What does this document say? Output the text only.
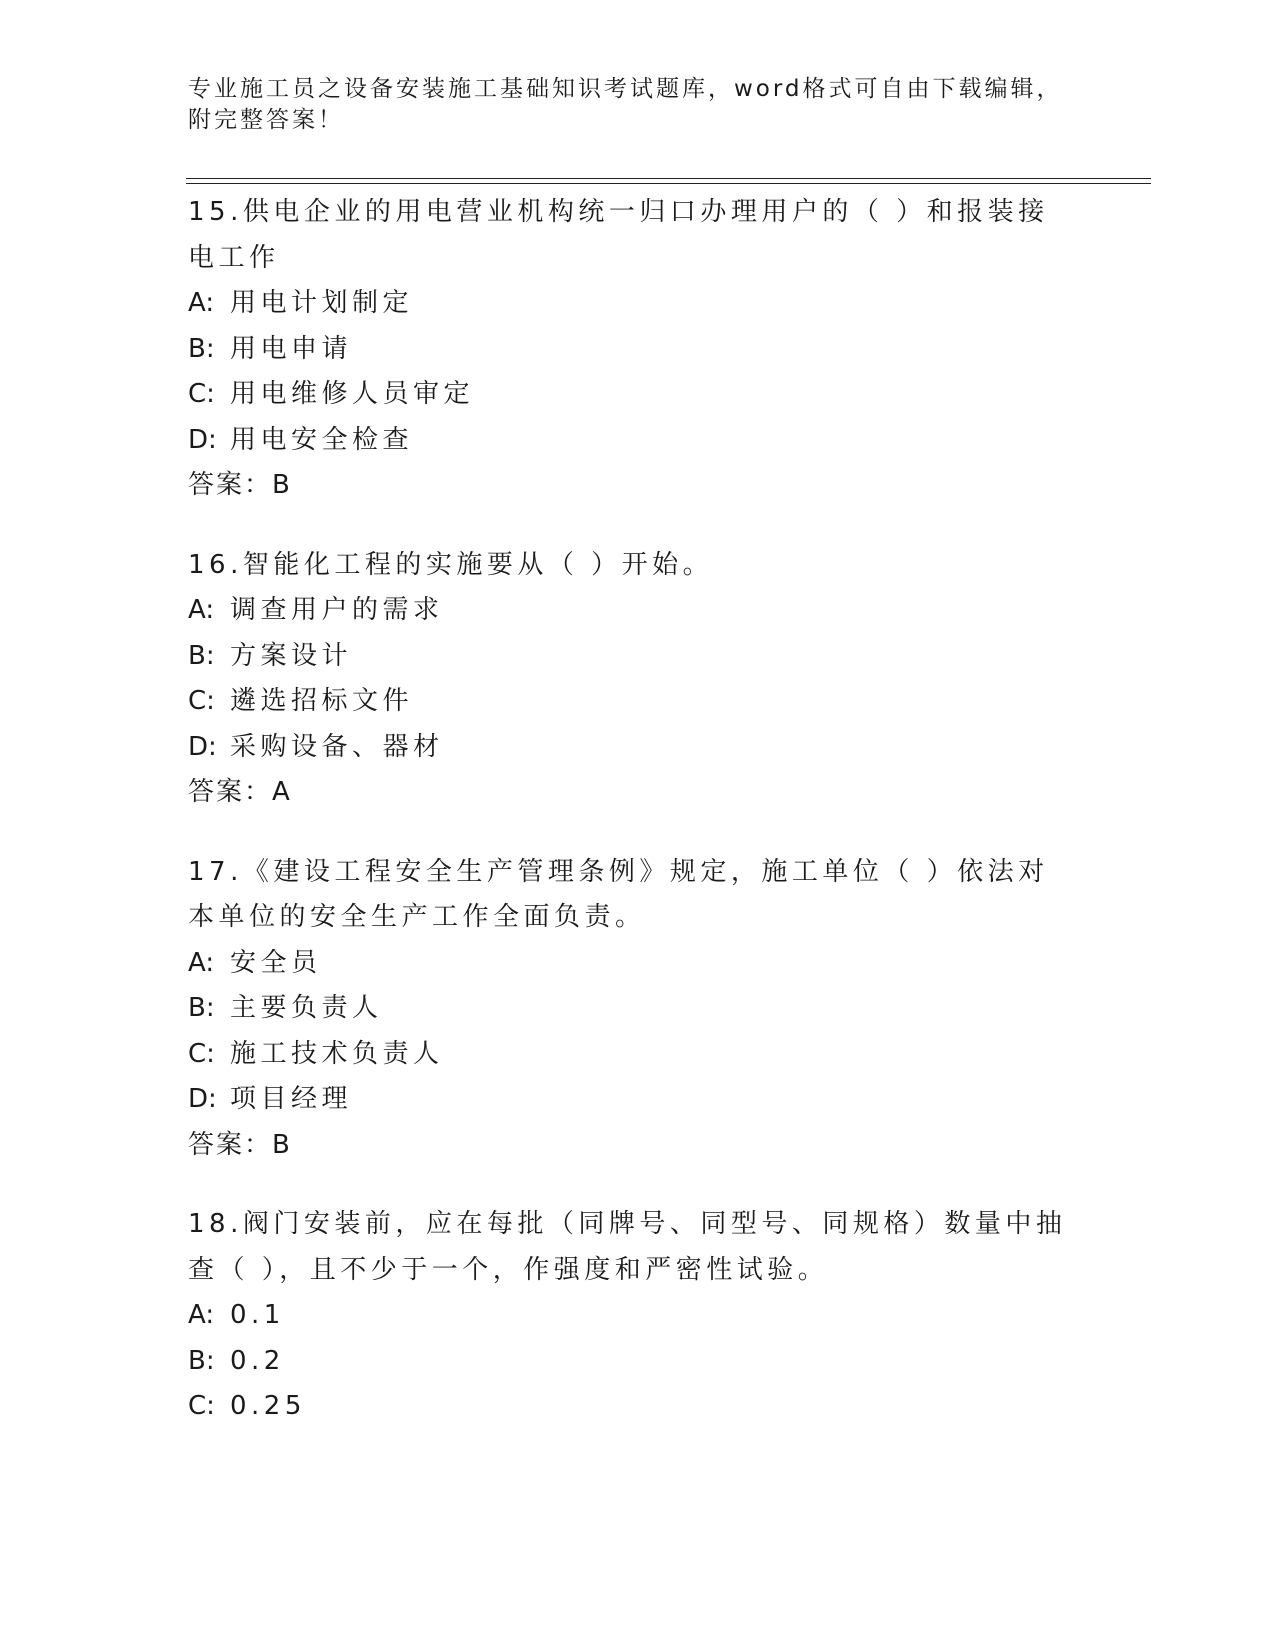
专业施工员之设备安装施工基础知识考试题库，word格式可自由下载编辑，附完整答案！
15.供电企业的用电营业机构统一归口办理用户的（ ）和报装接电工作
A: 用电计划制定
B: 用电申请
C: 用电维修人员审定
D: 用电安全检查
答案：B
16.智能化工程的实施要从（ ）开始。
A: 调查用户的需求
B: 方案设计
C: 遴选招标文件
D: 采购设备、器材
答案：A
17.《建设工程安全生产管理条例》规定，施工单位（ ）依法对本单位的安全生产工作全面负责。
A: 安全员
B: 主要负责人
C: 施工技术负责人
D: 项目经理
答案：B
18.阀门安装前，应在每批（同牌号、同型号、同规格）数量中抽查（ ），且不少于一个，作强度和严密性试验。
A: 0.1
B: 0.2
C: 0.25
